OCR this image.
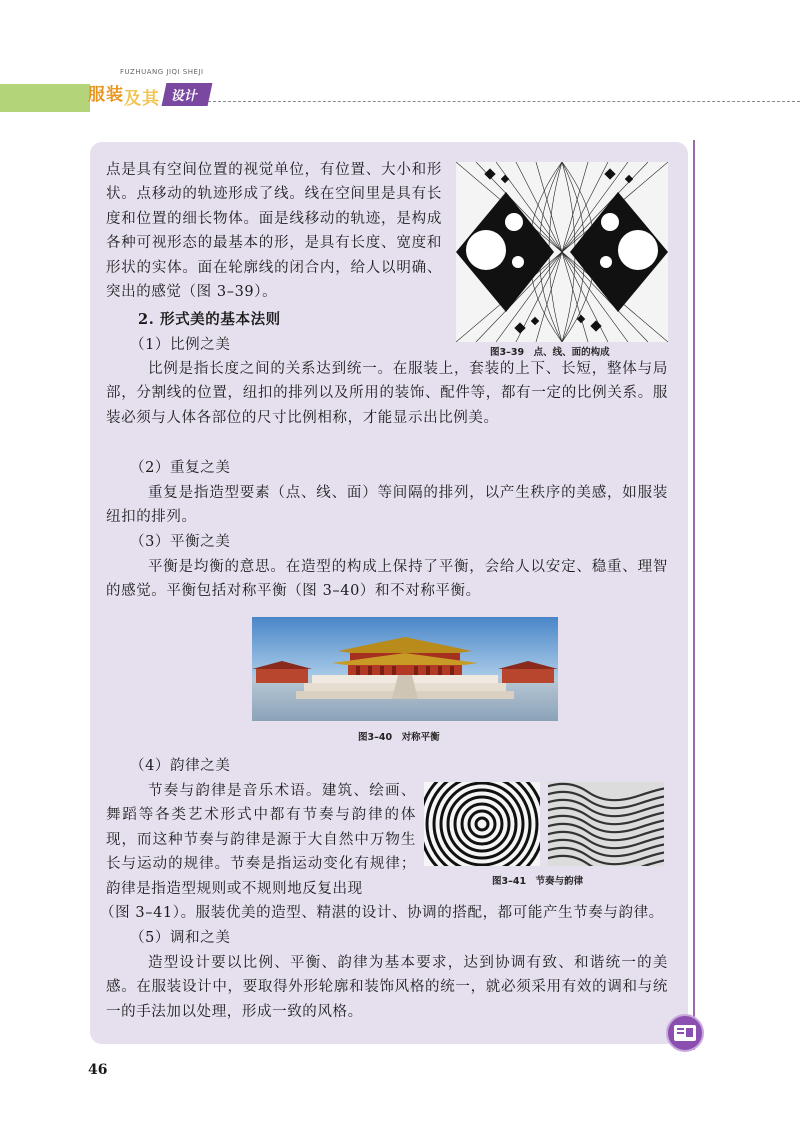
FUZHUANG JIQI SHEJI
服装 及其 设计

点是具有空间位置的视觉单位，有位置、大小和形状。点移动的轨迹形成了线。线在空间里是具有长度和位置的细长物体。面是线移动的轨迹，是构成各种可视形态的最基本的形，是具有长度、宽度和形状的实体。面在轮廓线的闭合内，给人以明确、突出的感觉（图 3–39）。

图3–39　点、线、面的构成

2. 形式美的基本法则

（1）比例之美

比例是指长度之间的关系达到统一。在服装上，套装的上下、长短，整体与局部，分割线的位置，纽扣的排列以及所用的装饰、配件等，都有一定的比例关系。服装必须与人体各部位的尺寸比例相称，才能显示出比例美。

（2）重复之美

重复是指造型要素（点、线、面）等间隔的排列，以产生秩序的美感，如服装纽扣的排列。

（3）平衡之美

平衡是均衡的意思。在造型的构成上保持了平衡，会给人以安定、稳重、理智的感觉。平衡包括对称平衡（图 3–40）和不对称平衡。

图3–40　对称平衡

（4）韵律之美

节奏与韵律是音乐术语。建筑、绘画、舞蹈等各类艺术形式中都有节奏与韵律的体现，而这种节奏与韵律是源于大自然中万物生长与运动的规律。节奏是指运动变化有规律；韵律是指造型规则或不规则地反复出现	图3–41　节奏与韵律

（图 3–41）。服装优美的造型、精湛的设计、协调的搭配，都可能产生节奏与韵律。

（5）调和之美

造型设计要以比例、平衡、韵律为基本要求，达到协调有致、和谐统一的美感。在服装设计中，要取得外形轮廓和装饰风格的统一，就必须采用有效的调和与统一的手法加以处理，形成一致的风格。

46
